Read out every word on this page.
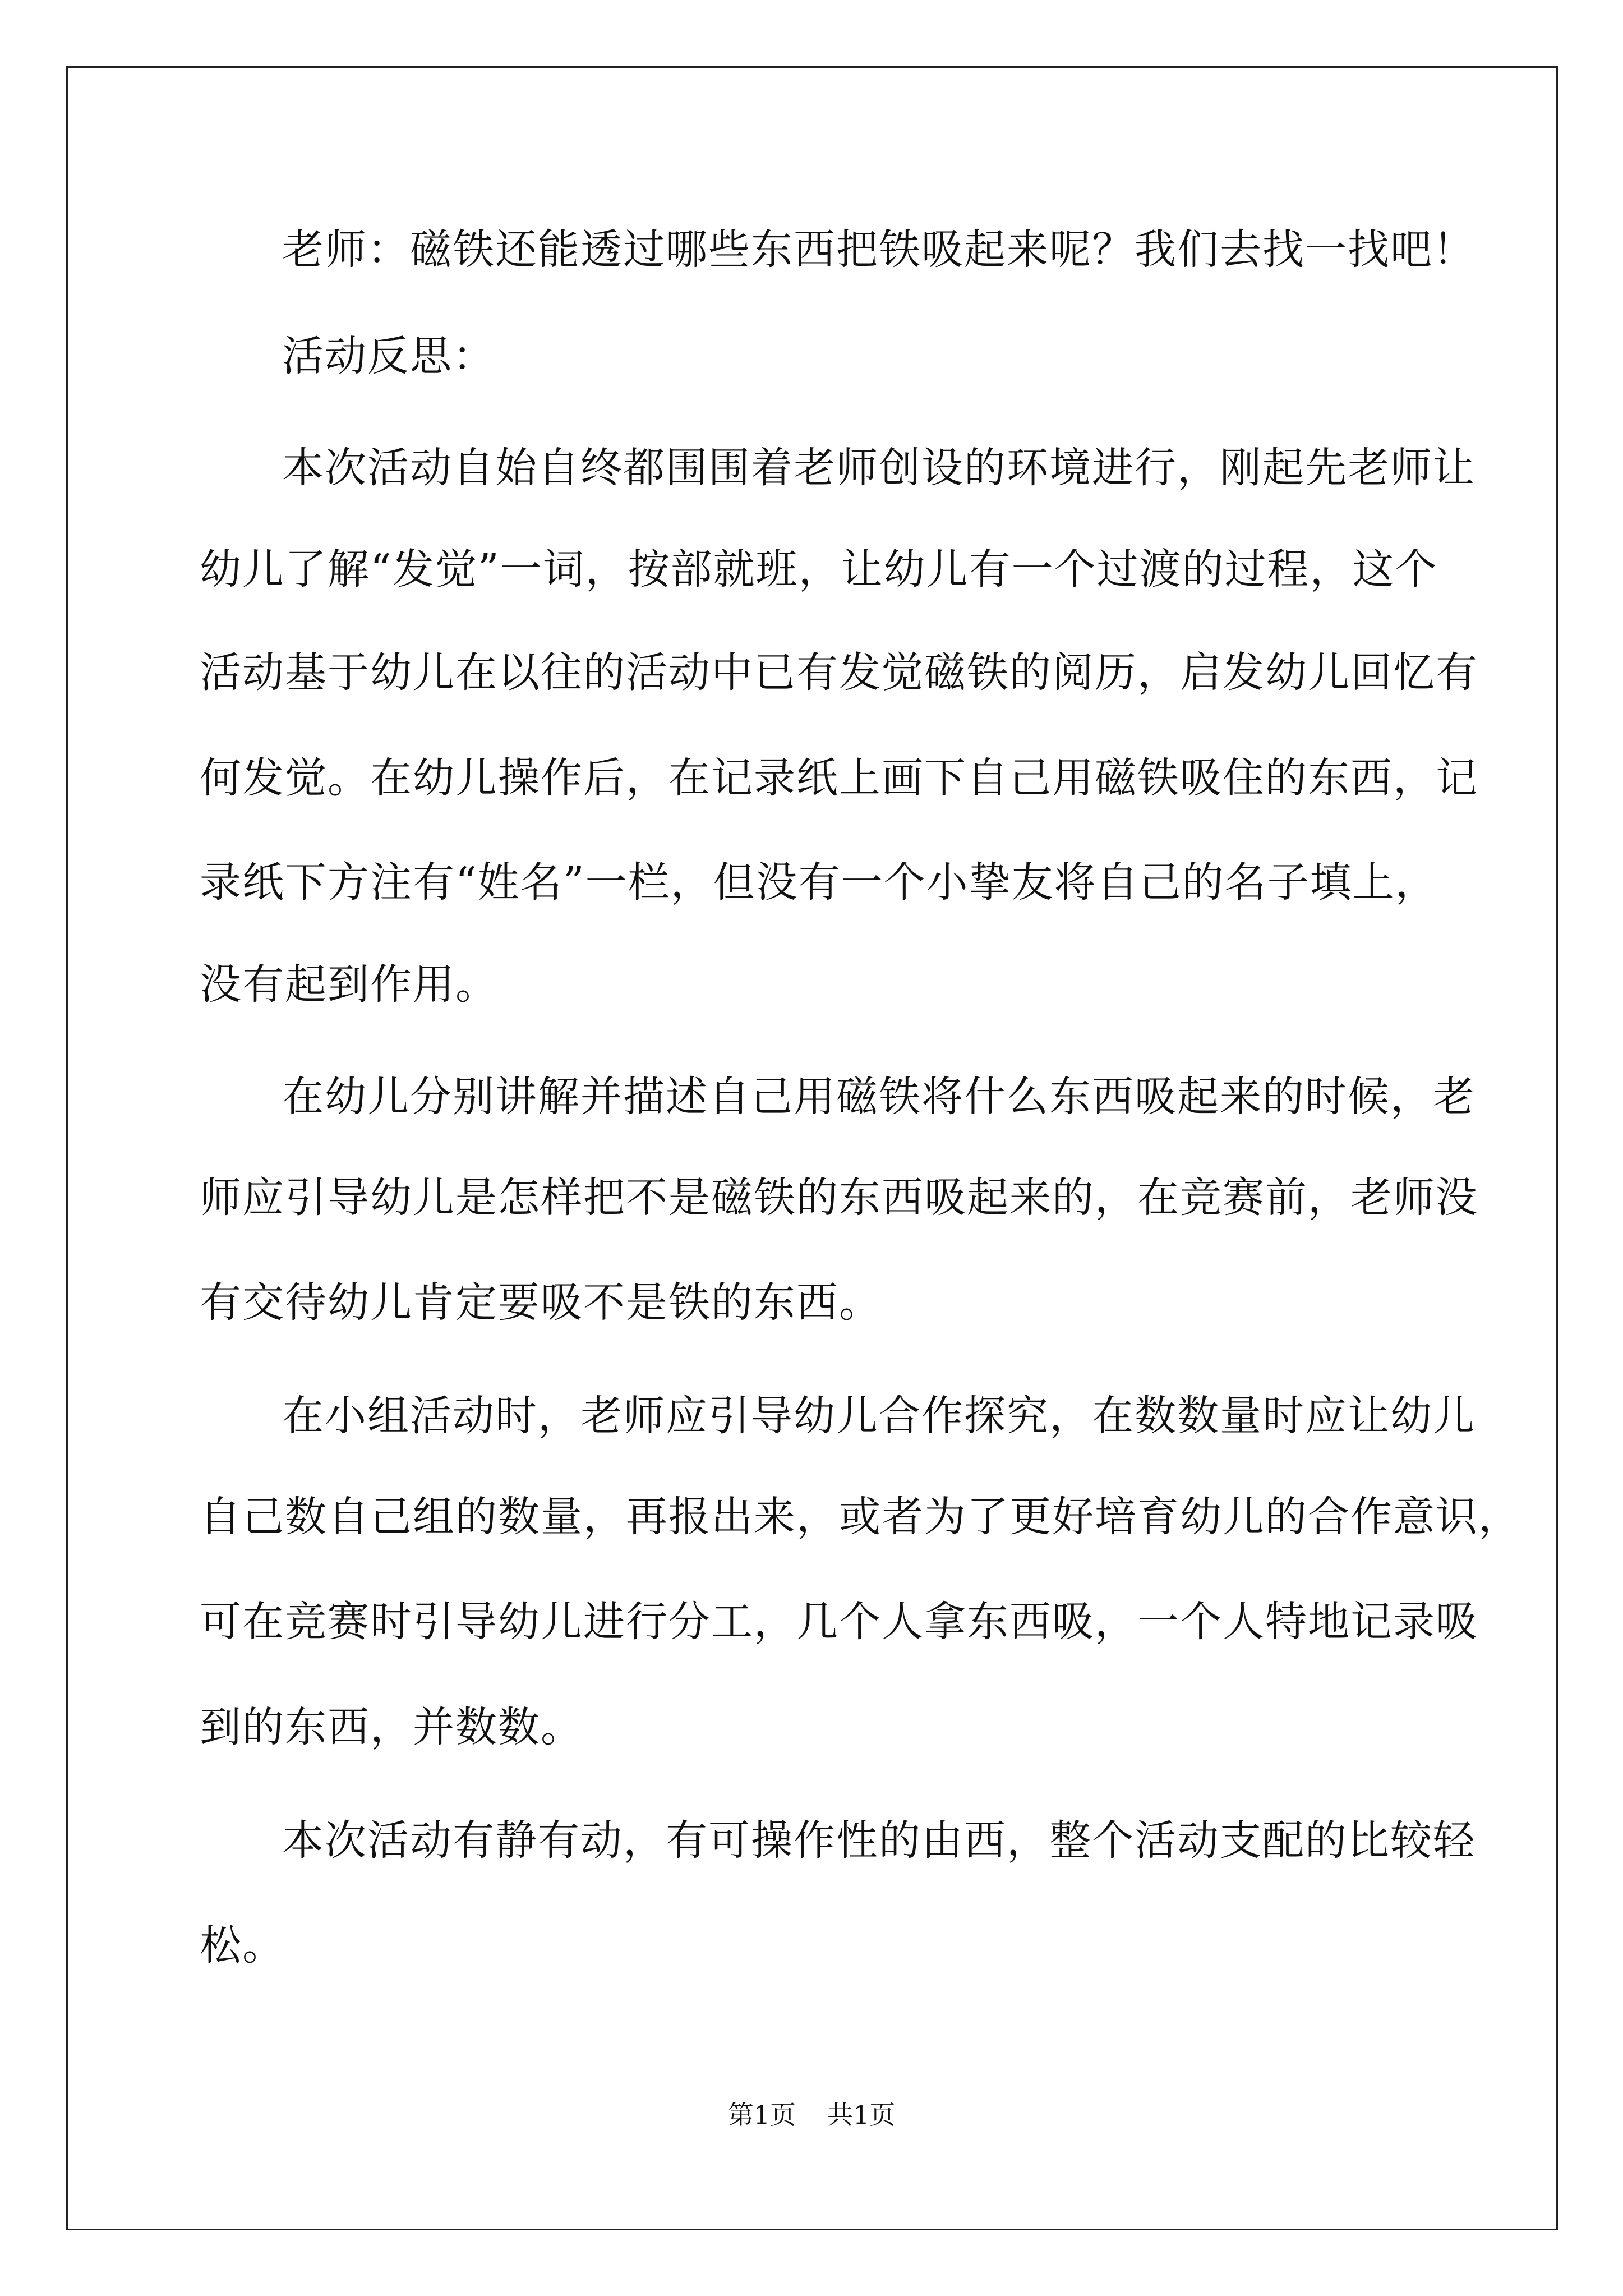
老师：磁铁还能透过哪些东西把铁吸起来呢？我们去找一找吧！

活动反思：

本次活动自始自终都围围着老师创设的环境进行，刚起先老师让

幼儿了解“发觉”一词，按部就班，让幼儿有一个过渡的过程，这个

活动基于幼儿在以往的活动中已有发觉磁铁的阅历，启发幼儿回忆有

何发觉。在幼儿操作后，在记录纸上画下自己用磁铁吸住的东西，记

录纸下方注有“姓名”一栏，但没有一个小挚友将自己的名子填上，

没有起到作用。

在幼儿分别讲解并描述自己用磁铁将什么东西吸起来的时候，老

师应引导幼儿是怎样把不是磁铁的东西吸起来的，在竞赛前，老师没

有交待幼儿肯定要吸不是铁的东西。

在小组活动时，老师应引导幼儿合作探究，在数数量时应让幼儿

自己数自己组的数量，再报出来，或者为了更好培育幼儿的合作意识，

可在竞赛时引导幼儿进行分工，几个人拿东西吸，一个人特地记录吸

到的东西，并数数。

本次活动有静有动，有可操作性的由西，整个活动支配的比较轻

松。

第1页 共1页
